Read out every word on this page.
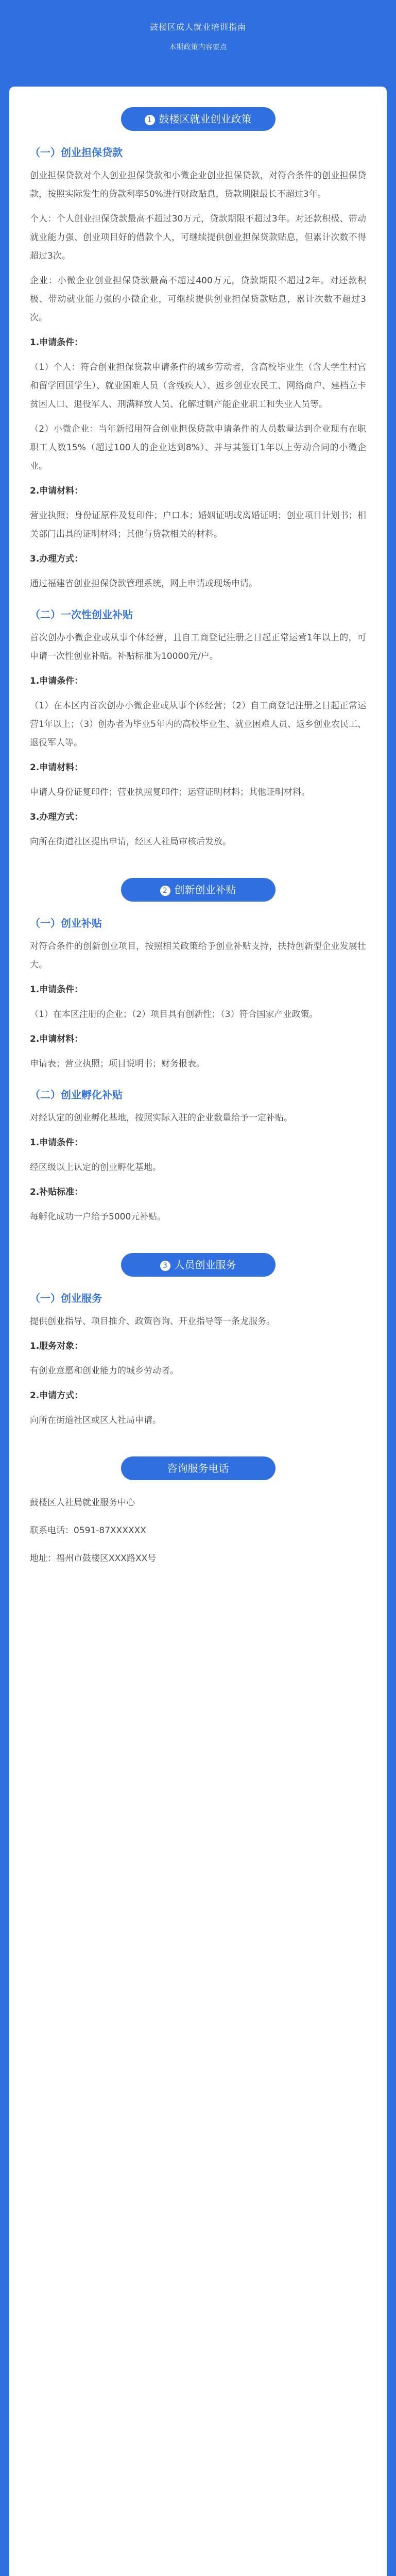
鼓楼区成人就业培训指南
本期政策内容要点
1 鼓楼区就业创业政策
（一）创业担保贷款

创业担保贷款对个人创业担保贷款和小微企业创业担保贷款，对符合条件的创业担保贷款，按照实际发生的贷款利率50%进行财政贴息，贷款期限最长不超过3年。

个人：个人创业担保贷款最高不超过30万元，贷款期限不超过3年。对还款积极、带动就业能力强、创业项目好的借款个人，可继续提供创业担保贷款贴息，但累计次数不得超过3次。

企业：小微企业创业担保贷款最高不超过400万元，贷款期限不超过2年。对还款积极、带动就业能力强的小微企业，可继续提供创业担保贷款贴息，累计次数不超过3次。

1.申请条件：

（1）个人：符合创业担保贷款申请条件的城乡劳动者，含高校毕业生（含大学生村官和留学回国学生）、就业困难人员（含残疾人）、返乡创业农民工、网络商户、建档立卡贫困人口、退役军人、刑满释放人员、化解过剩产能企业职工和失业人员等。

（2）小微企业：当年新招用符合创业担保贷款申请条件的人员数量达到企业现有在职职工人数15%（超过100人的企业达到8%）、并与其签订1年以上劳动合同的小微企业。

2.申请材料：

营业执照；身份证原件及复印件；户口本；婚姻证明或离婚证明；创业项目计划书；相关部门出具的证明材料；其他与贷款相关的材料。

3.办理方式：

通过福建省创业担保贷款管理系统，网上申请或现场申请。

（二）一次性创业补贴

首次创办小微企业或从事个体经营，且自工商登记注册之日起正常运营1年以上的，可申请一次性创业补贴。补贴标准为10000元/户。

1.申请条件：

（1）在本区内首次创办小微企业或从事个体经营；（2）自工商登记注册之日起正常运营1年以上；（3）创办者为毕业5年内的高校毕业生、就业困难人员、返乡创业农民工、退役军人等。

2.申请材料：

申请人身份证复印件；营业执照复印件；运营证明材料；其他证明材料。

3.办理方式：

向所在街道社区提出申请，经区人社局审核后发放。

2 创新创业补贴
（一）创业补贴

对符合条件的创新创业项目，按照相关政策给予创业补贴支持，扶持创新型企业发展壮大。

1.申请条件：

（1）在本区注册的企业；（2）项目具有创新性；（3）符合国家产业政策。

2.申请材料：

申请表；营业执照；项目说明书；财务报表。

（二）创业孵化补贴

对经认定的创业孵化基地，按照实际入驻的企业数量给予一定补贴。

1.申请条件：

经区级以上认定的创业孵化基地。

2.补贴标准：

每孵化成功一户给予5000元补贴。

3 人员创业服务
（一）创业服务

提供创业指导、项目推介、政策咨询、开业指导等一条龙服务。

1.服务对象：

有创业意愿和创业能力的城乡劳动者。

2.申请方式：

向所在街道社区或区人社局申请。

咨询服务电话

鼓楼区人社局就业服务中心

联系电话：0591-87XXXXXX

地址：福州市鼓楼区XXX路XX号
